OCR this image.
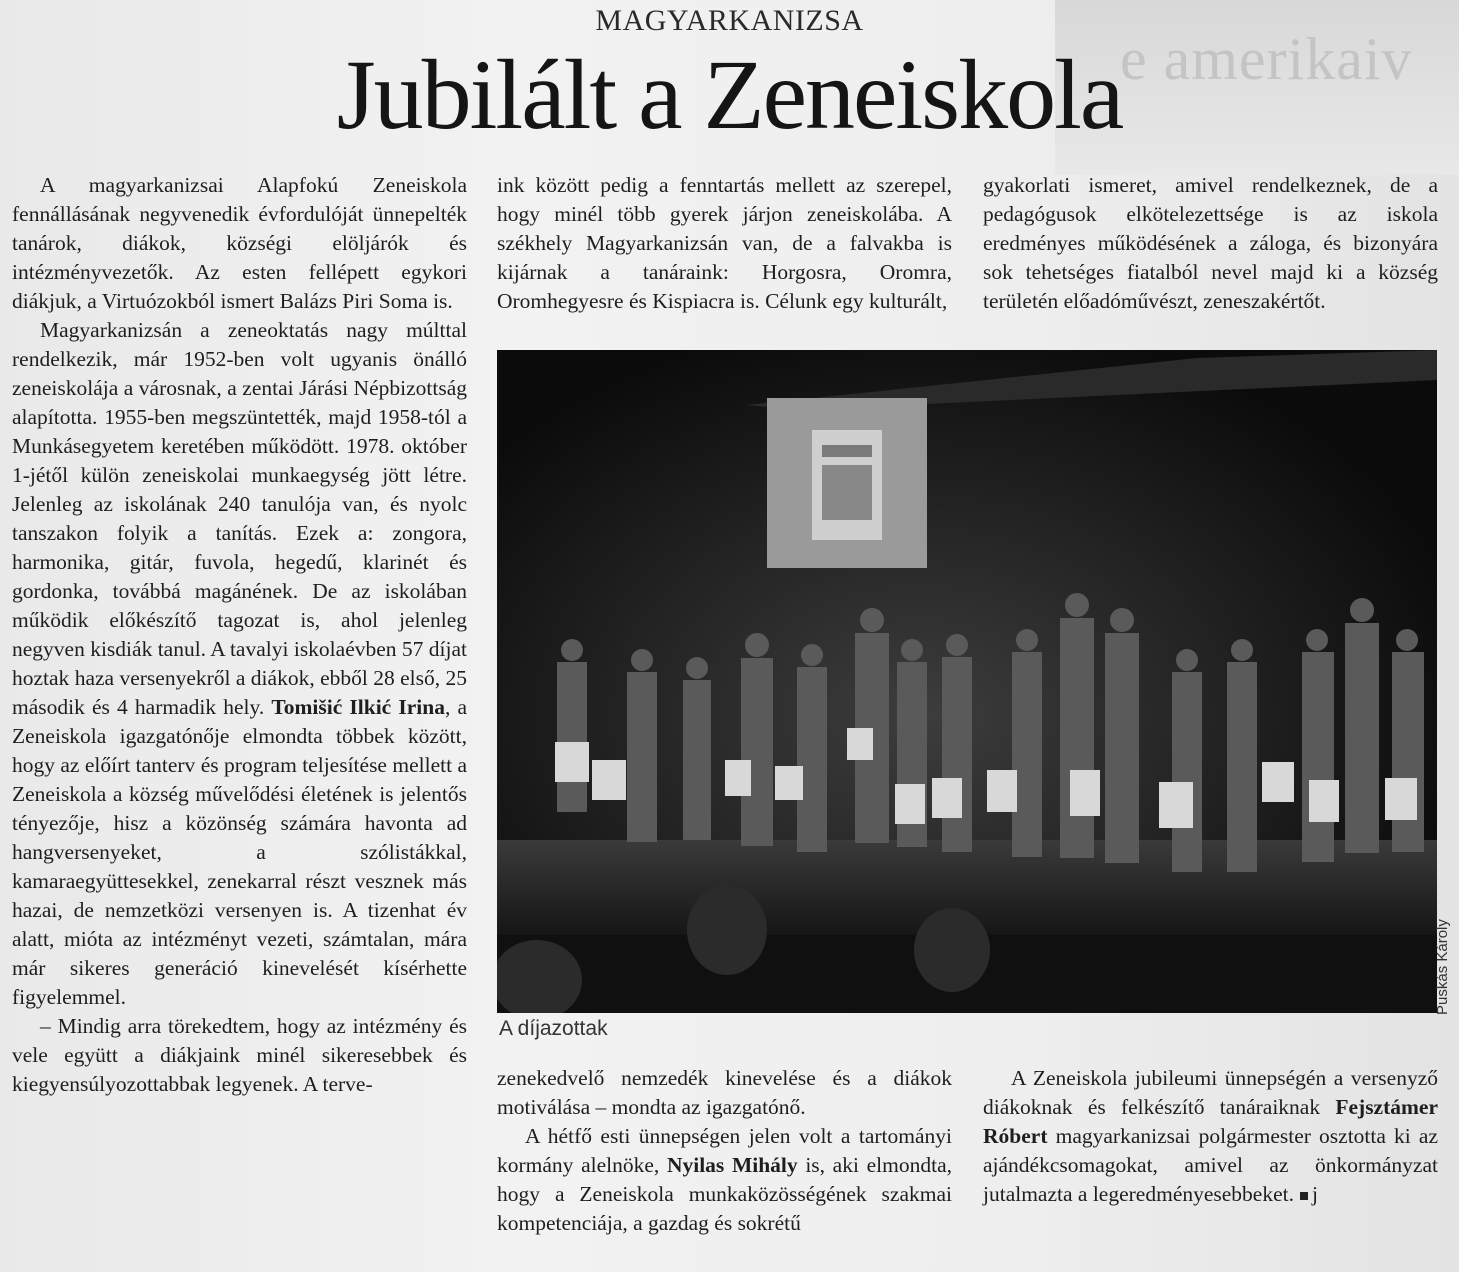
e amerikaiv
MAGYARKANIZSA
Jubilált a Zeneiskola

A magyarkanizsai Alapfokú Zeneiskola fennállásának negyvenedik évfordulóját ünnepelték tanárok, diákok, községi elöljárók és intézményvezetők. Az esten fellépett egykori diákjuk, a Virtuózokból ismert Balázs Piri Soma is.

Magyarkanizsán a zeneoktatás nagy múlttal rendelkezik, már 1952-ben volt ugyanis önálló zeneiskolája a városnak, a zentai Járási Népbizottság alapította. 1955-ben megszüntették, majd 1958-tól a Munkásegyetem keretében működött. 1978. október 1-jétől külön zeneiskolai munkaegység jött létre. Jelenleg az iskolának 240 tanulója van, és nyolc tanszakon folyik a tanítás. Ezek a: zongora, harmonika, gitár, fuvola, hegedű, klarinét és gordonka, továbbá magánének. De az iskolában működik előkészítő tagozat is, ahol jelenleg negyven kisdiák tanul. A tavalyi iskolaévben 57 díjat hoztak haza versenyekről a diákok, ebből 28 első, 25 második és 4 harmadik hely. Tomišić Ilkić Irina, a Zeneiskola igazgatónője elmondta többek között, hogy az előírt tanterv és program teljesítése mellett a Zeneiskola a község művelődési életének is jelentős tényezője, hisz a közönség számára havonta ad hangversenyeket, a szólistákkal, kamaraegyüttesekkel, zenekarral részt vesznek más hazai, de nemzetközi versenyen is. A tizenhat év alatt, mióta az intézményt vezeti, számtalan, mára már sikeres generáció kinevelését kísérhette figyelemmel.

– Mindig arra törekedtem, hogy az intézmény és vele együtt a diákjaink minél sikeresebbek és kiegyensúlyozottabbak legyenek. A terve-

ink között pedig a fenntartás mellett az szerepel, hogy minél több gyerek járjon zeneiskolába. A székhely Magyarkanizsán van, de a falvakba is kijárnak a tanáraink: Horgosra, Oromra, Oromhegyesre és Kispiacra is. Célunk egy kulturált,

gyakorlati ismeret, amivel rendelkeznek, de a pedagógusok elkötelezettsége is az iskola eredményes működésének a záloga, és bizonyára sok tehetséges fiatalból nevel majd ki a község területén előadóművészt, zeneszakértőt.

A díjazottak
Puskás Károly

zenekedvelő nemzedék kinevelése és a diákok motiválása – mondta az igazgatónő.

A hétfő esti ünnepségen jelen volt a tartományi kormány alelnöke, Nyilas Mihály is, aki elmondta, hogy a Zeneiskola munkaközösségének szakmai kompetenciája, a gazdag és sokrétű

A Zeneiskola jubileumi ünnepségén a versenyző diákoknak és felkészítő tanáraiknak Fejsztámer Róbert magyarkanizsai polgármester osztotta ki az ajándékcsomagokat, amivel az önkormányzat jutalmazta a legeredményesebbeket. j
